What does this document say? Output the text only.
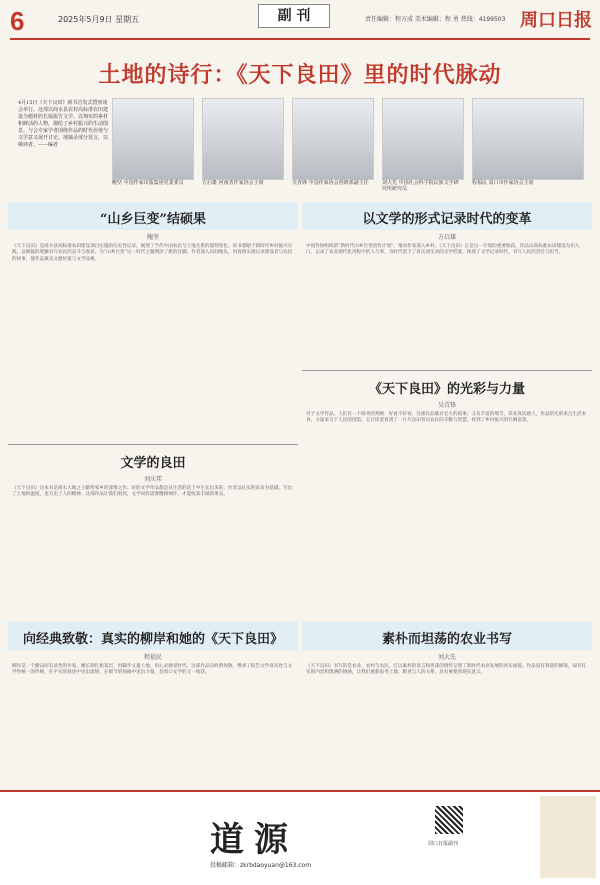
6	2025年5月9日 星期五	副 刊	责任编辑：程方成 美术编辑：程 勇 热线：4199503 周口日报
土地的诗行：《天下良田》里的时代脉动
4月15日《天下良田》新书首发式暨座谈会举行。这部以商水县农村高标准农田建设为题材的长篇报告文学，以翔实的素材和鲜活的人物，描绘了乡村振兴的生动图景。与会专家学者围绕作品的时代价值与文学意义展开讨论，现摘录部分发言，以飨读者。——编者
鲍坚 中国作家出版集团党委委员	方启雄 河南省作家协会主席	吴青锋 中国作家协会创研部副主任	刘大先 中国社会科学院民族文学研究所研究员
程福民 周口市作家协会主席
“山乡巨变”结硕果
鲍坚
《天下良田》是商水县高标准农田建设项目实施的历史性记录，展现了当代中国农民与土地关系的深刻变化。该书着眼于新时代乡村振兴实践，以细腻的笔触书写农民的奋斗与收获，为“山乡巨变”这一时代主题增添了新的注脚。作者深入田间地头，用真情实感记录建设者与农民的故事，使作品兼具文献价值与文学品格。
文学的良田
刘庆邦
《天下良田》这本书是商水大地之子献给家乡的深情之作。好的文学作品都是从生活的沃土中生长出来的，作者以扎实的采访为基础，写出了土地的温度，也写出了人的精神。这部作品让我们看到，文学同样需要精耕细作，才能收获丰硕的果实。
以文学的形式记录时代的变革
方启雄
中国作协组织的“新时代山乡巨变创作计划”，推动作家深入乡村。《天下良田》正是这一计划的重要收获。作品以高标准农田建设为切入口，记录了农业现代化进程中的人与事，为时代留下了真实而生动的文学档案，体现了文学记录时代、书写人民的责任与担当。
《天下良田》的光彩与力量
吴青锋
对于文学作品，人们有一个简单的判断：好看不好看。这部作品既有宏大的叙事，又有丰富的细节，读来真切感人。作品的光彩来自生活本身，力量来自于人民的创造。它让读者看到了一片片良田背后农民的辛勤与智慧，看到了乡村振兴的壮阔前景。
向经典致敬：真实的柳岸和她的《天下良田》
程福民
柳岸是一个勤奋而有灵性的作家，她长期扎根基层，用脚步丈量土地，用心灵感受时代。这部作品向经典致敬，继承了报告文学真实性与文学性统一的传统，在平实的叙述中见出深情，在细节的刻画中见出力量，是周口文学的又一收获。
素朴而坦荡的农业书写
刘大先
《天下良田》书写的是农业、农村与农民，它以素朴的语言和坦荡的情怀呈现了新时代农业发展的真实面貌。作品没有刻意的修饰，却有扎实的内容和饱满的情感，让我们重新思考土地、粮食与人的关系，具有重要的现实意义。
道源
投稿邮箱：zkrbdaoyuan@163.com
周口日报副刊
